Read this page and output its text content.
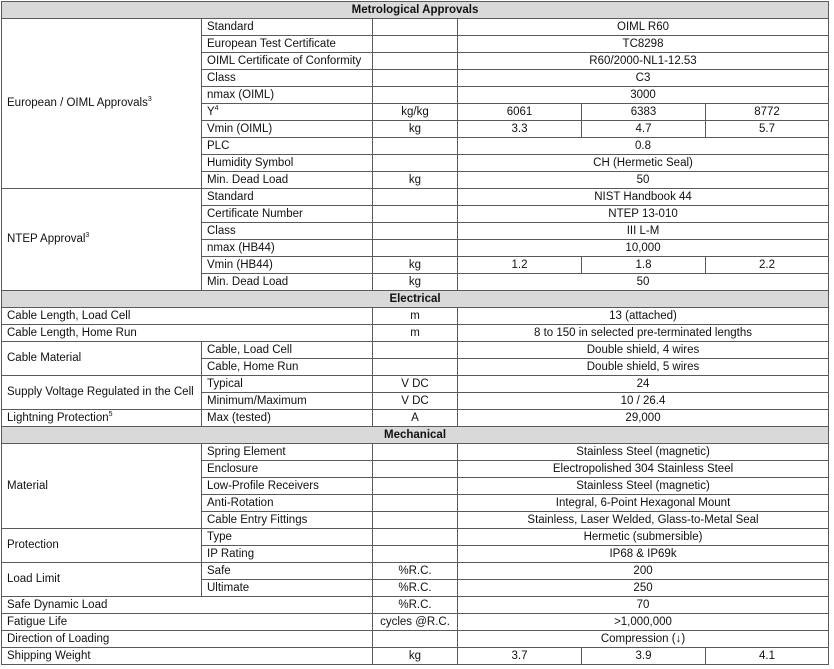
Metrological Approvals					
European / OIML Approvals$^3$	Standard		OIML R60		
	European Test Certificate		TC8298		
	OIML Certificate of Conformity		R60/2000-NL1-12.53		
	Class		C3		
	nmax (OIML)		3000		
	$Y^4$	kg/kg	6061	6383	8772
	Vmin (OIML)	kg	3.3	4.7	5.7
	PLC		0.8		
	Humidity Symbol		CH (Hermetic Seal)		
	Min. Dead Load	kg	50		
NTEP Approval$^3$	Standard		NIST Handbook 44		
	Certificate Number		NTEP 13-010		
	Class		III L-M		
	nmax (HB44)		10,000		
	Vmin (HB44)	kg	1.2	1.8	2.2
	Min. Dead Load	kg	50		
Electrical					
Cable Length, Load Cell		m	13 (attached)		
Cable Length, Home Run		m	8 to 150 in selected pre-terminated lengths		
Cable Material	Cable, Load Cell		Double shield, 4 wires		
	Cable, Home Run		Double shield, 5 wires		
Supply Voltage Regulated in the Cell	Typical	V DC	24		
	Minimum/Maximum	V DC	10 / 26.4		
Lightning Protection$^5$	Max (tested)	A	29,000		
Mechanical					
Material	Spring Element		Stainless Steel (magnetic)		
	Enclosure		Electropolished 304 Stainless Steel		
	Low-Profile Receivers		Stainless Steel (magnetic)		
	Anti-Rotation		Integral, 6-Point Hexagonal Mount		
	Cable Entry Fittings		Stainless, Laser Welded, Glass-to-Metal Seal		
Protection	Type		Hermetic (submersible)		
	IP Rating		IP68 & IP69k		
Load Limit	Safe	%R.C.	200		
	Ultimate	%R.C.	250		
Safe Dynamic Load		%R.C.	70		
Fatigue Life		cycles @R.C.	>1,000,000		
Direction of Loading			Compression (↓)		
Shipping Weight		kg	3.7	3.9	4.1
